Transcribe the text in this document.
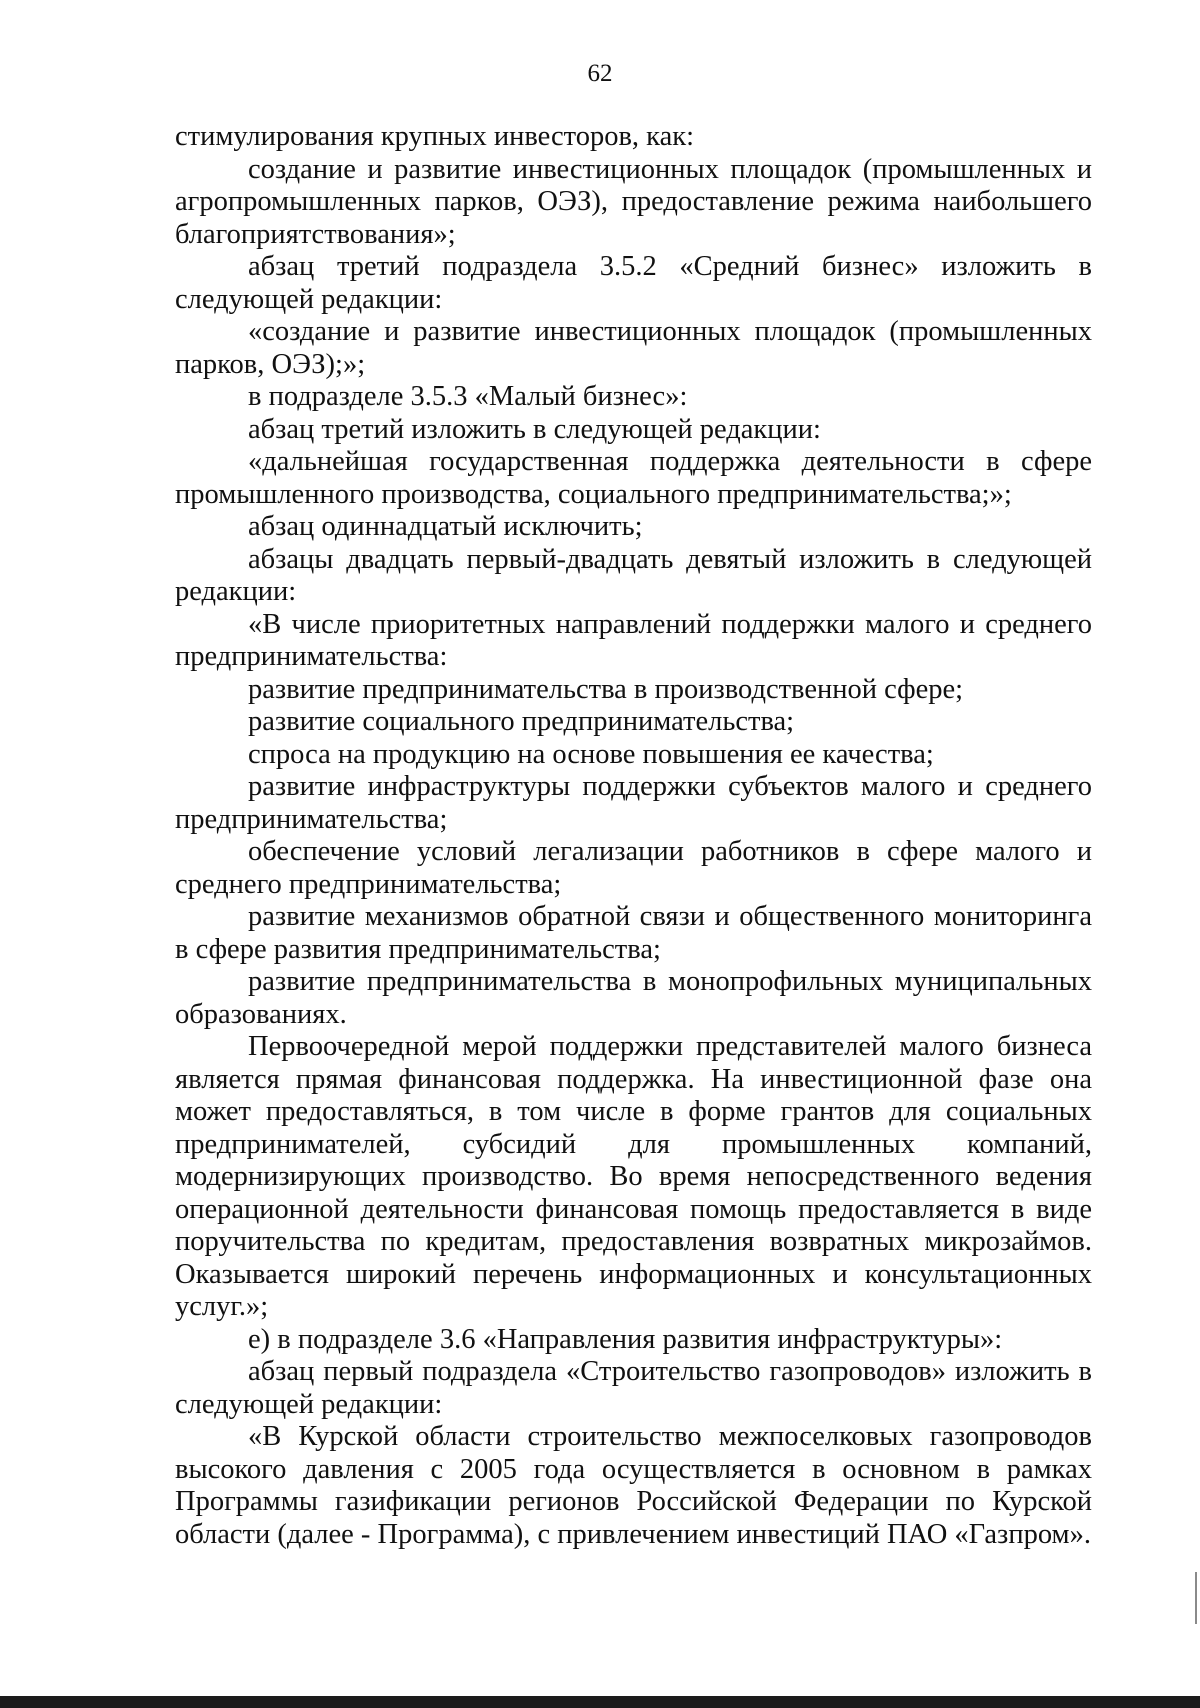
62

стимулирования крупных инвесторов, как:

создание и развитие инвестиционных площадок (промышленных и агропромышленных парков, ОЭЗ), предоставление режима наибольшего благоприятствования»;

абзац третий подраздела 3.5.2 «Средний бизнес» изложить в следующей редакции:

«создание и развитие инвестиционных площадок (промышленных парков, ОЭЗ);»;

в подразделе 3.5.3 «Малый бизнес»:

абзац третий изложить в следующей редакции:

«дальнейшая государственная поддержка деятельности в сфере промышленного производства, социального предпринимательства;»;

абзац одиннадцатый исключить;

абзацы двадцать первый-двадцать девятый изложить в следующей редакции:

«В числе приоритетных направлений поддержки малого и среднего предпринимательства:

развитие предпринимательства в производственной сфере;

развитие социального предпринимательства;

спроса на продукцию на основе повышения ее качества;

развитие инфраструктуры поддержки субъектов малого и среднего предпринимательства;

обеспечение условий легализации работников в сфере малого и среднего предпринимательства;

развитие механизмов обратной связи и общественного мониторинга в сфере развития предпринимательства;

развитие предпринимательства в монопрофильных муниципальных образованиях.

Первоочередной мерой поддержки представителей малого бизнеса является прямая финансовая поддержка. На инвестиционной фазе она может предоставляться, в том числе в форме грантов для социальных предпринимателей, субсидий для промышленных компаний, модернизирующих производство. Во время непосредственного ведения операционной деятельности финансовая помощь предоставляется в виде поручительства по кредитам, предоставления возвратных микрозаймов. Оказывается широкий перечень информационных и консультационных услуг.»;

е) в подразделе 3.6 «Направления развития инфраструктуры»:

абзац первый подраздела «Строительство газопроводов» изложить в следующей редакции:

«В Курской области строительство межпоселковых газопроводов высокого давления с 2005 года осуществляется в основном в рамках Программы газификации регионов Российской Федерации по Курской области (далее - Программа), с привлечением инвестиций ПАО «Газпром».
